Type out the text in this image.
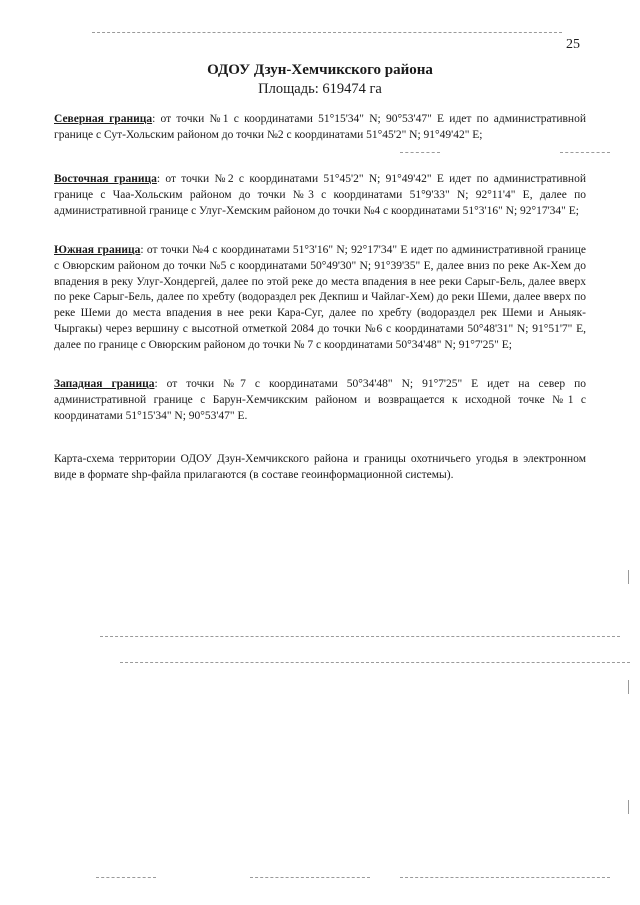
25
ОДОУ Дзун-Хемчикского района
Площадь: 619474 га

Северная граница: от точки №1 с координатами 51°15'34" N; 90°53'47" Е идет по административной границе с Сут-Хольским районом до точки №2 с координатами 51°45'2" N; 91°49'42" Е;

Восточная граница: от точки №2 с координатами 51°45'2" N; 91°49'42" Е идет по административной границе с Чаа-Хольским районом до точки №3 с координатами 51°9'33" N; 92°11'4" Е, далее по административной границе с Улуг-Хемским районом до точки №4 с координатами 51°3'16" N; 92°17'34" Е;

Южная граница: от точки №4 с координатами 51°3'16" N; 92°17'34" Е идет по административной границе с Овюрским районом до точки №5 с координатами 50°49'30" N; 91°39'35" Е, далее вниз по реке Ак-Хем до впадения в реку Улуг-Хондергей, далее по этой реке до места впадения в нее реки Сарыг-Бель, далее вверх по реке Сарыг-Бель, далее по хребту (водораздел рек Декпиш и Чайлаг-Хем) до реки Шеми, далее вверх по реке Шеми до места впадения в нее реки Кара-Суг, далее по хребту (водораздел рек Шеми и Аныяк-Чыргакы) через вершину с высотной отметкой 2084 до точки №6 с координатами 50°48'31" N; 91°51'7" Е, далее по границе с Овюрским районом до точки № 7 с координатами 50°34'48" N; 91°7'25" Е;

Западная граница: от точки №7 с координатами 50°34'48" N; 91°7'25" Е идет на север по административной границе с Барун-Хемчикским районом и возвращается к исходной точке №1 с координатами 51°15'34" N; 90°53'47" Е.

Карта-схема территории ОДОУ Дзун-Хемчикского района и границы охотничьего угодья в электронном виде в формате shp-файла прилагаются (в составе геоинформационной системы).
